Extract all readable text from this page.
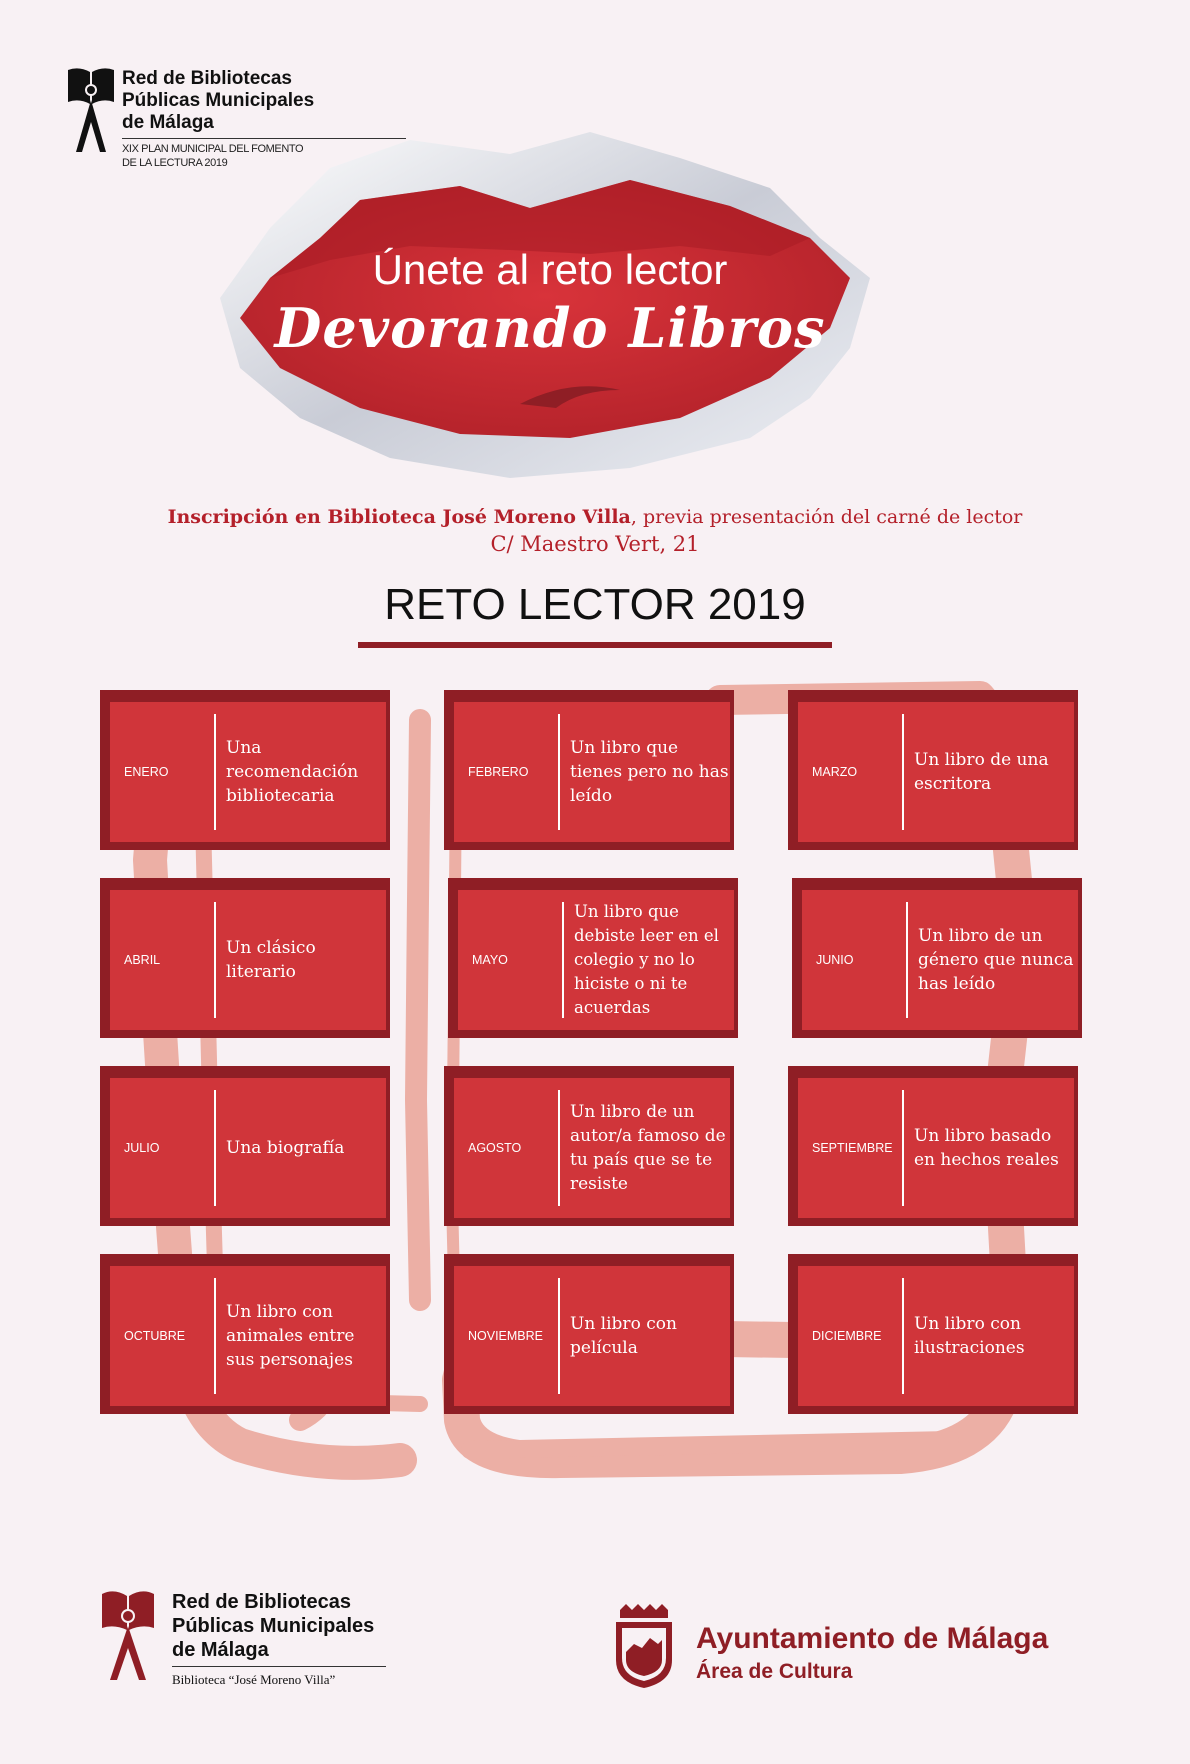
Red de Bibliotecas
Públicas Municipales
de Málaga
XIX PLAN MUNICIPAL DEL FOMENTO
DE LA LECTURA 2019
Únete al reto lector
Devorando Libros
Inscripción en Biblioteca José Moreno Villa, previa presentación del carné de lector
C/ Maestro Vert, 21
RETO LECTOR 2019
ENERO
Una recomendación bibliotecaria
FEBRERO
Un libro que tienes pero no has leído
MARZO
Un libro de una escritora
ABRIL
Un clásico literario
MAYO
Un libro que debiste leer en el colegio y no lo hiciste o ni te acuerdas
JUNIO
Un libro de un género que nunca has leído
JULIO	Una biografía	AGOSTO
Un libro de un autor/a famoso de tu país que se te resiste
SEPTIEMBRE
Un libro basado en hechos reales
OCTUBRE
Un libro con animales entre sus personajes
NOVIEMBRE
Un libro con película
DICIEMBRE
Un libro con ilustraciones
Red de Bibliotecas
Públicas Municipales
de Málaga
Biblioteca “José Moreno Villa”
Ayuntamiento de Málaga
Área de Cultura
